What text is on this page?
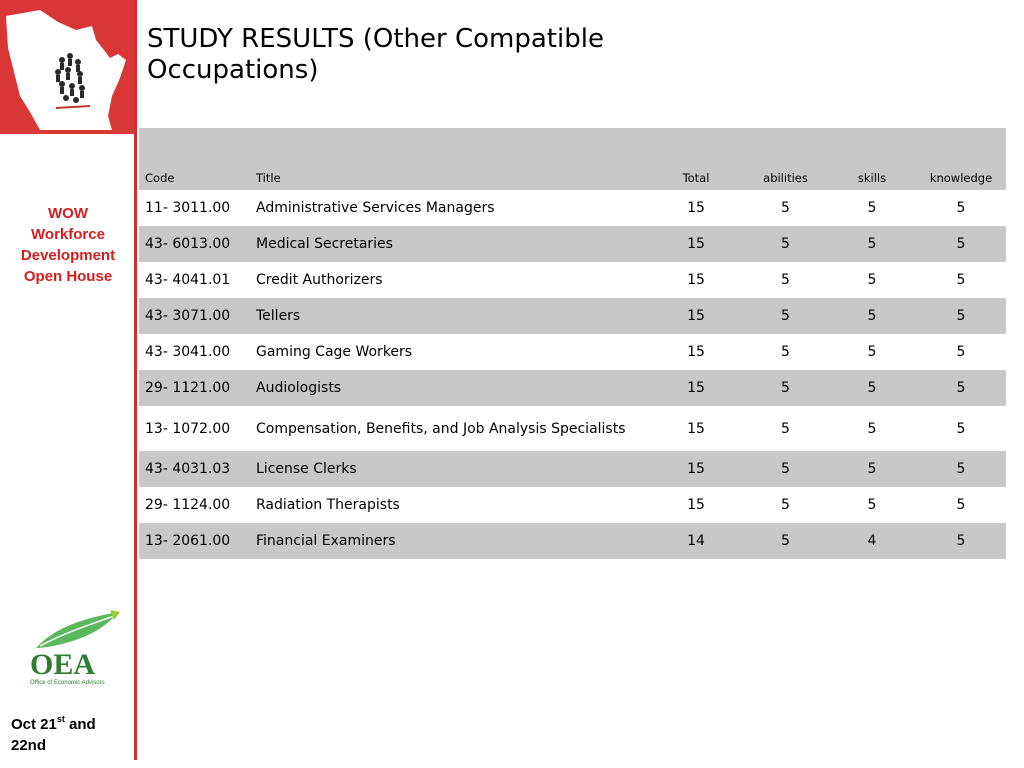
WOW
Workforce
Development
Open House
OEA
Office of Economic Advisors
Oct 21st and
22nd
STUDY RESULTS (Other Compatible Occupations)
Code	Title	Total	abilities	skills	knowledge
11- 3011.00	Administrative Services Managers	15	5	5	5
43- 6013.00	Medical Secretaries	15	5	5	5
43- 4041.01	Credit Authorizers	15	5	5	5
43- 3071.00	Tellers	15	5	5	5
43- 3041.00	Gaming Cage Workers	15	5	5	5
29- 1121.00	Audiologists	15	5	5	5
13- 1072.00	Compensation, Benefits, and Job Analysis Specialists	15	5	5	5
43- 4031.03	License Clerks	15	5	5	5
29- 1124.00	Radiation Therapists	15	5	5	5
13- 2061.00	Financial Examiners	14	5	4	5
